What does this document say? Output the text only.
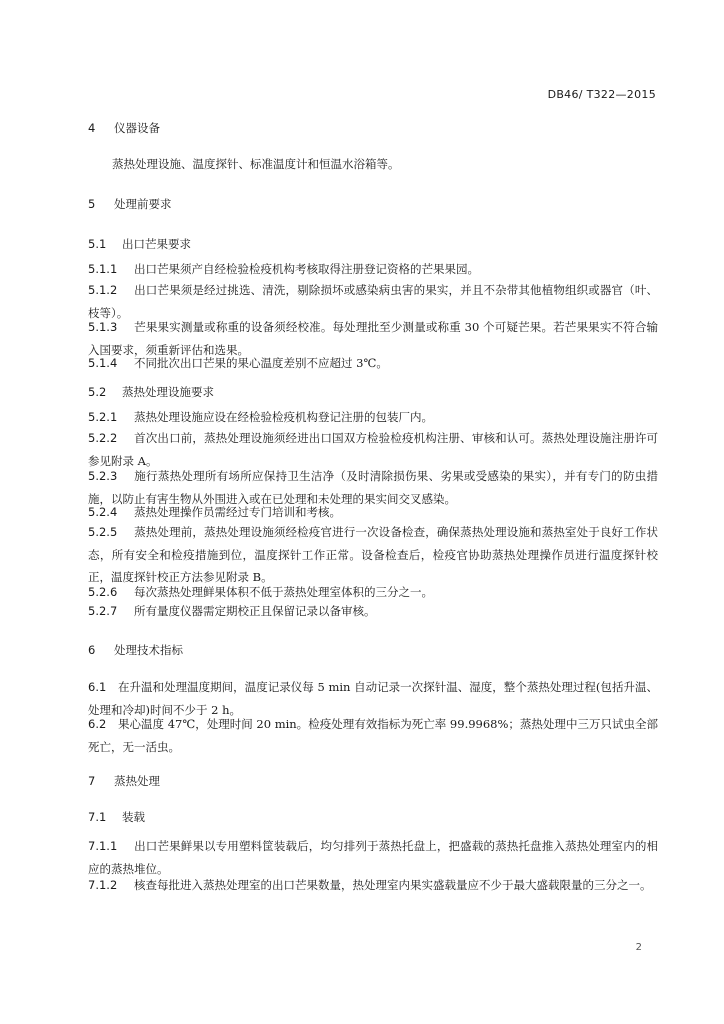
DB46/ T322—2015
4 仪器设备
蒸热处理设施、温度探针、标准温度计和恒温水浴箱等。
5 处理前要求
5.1 出口芒果要求
5.1.1 出口芒果须产自经检验检疫机构考核取得注册登记资格的芒果果园。
5.1.2 出口芒果须是经过挑选、清洗，剔除损坏或感染病虫害的果实，并且不杂带其他植物组织或器官（叶、枝等）。
5.1.3 芒果果实测量或称重的设备须经校准。每处理批至少测量或称重 30 个可疑芒果。若芒果果实不符合输入国要求，须重新评估和选果。
5.1.4 不同批次出口芒果的果心温度差别不应超过 3℃。
5.2 蒸热处理设施要求
5.2.1 蒸热处理设施应设在经检验检疫机构登记注册的包装厂内。
5.2.2 首次出口前，蒸热处理设施须经进出口国双方检验检疫机构注册、审核和认可。蒸热处理设施注册许可参见附录 A。
5.2.3 施行蒸热处理所有场所应保持卫生洁净（及时清除损伤果、劣果或受感染的果实），并有专门的防虫措施，以防止有害生物从外围进入或在已处理和未处理的果实间交叉感染。
5.2.4 蒸热处理操作员需经过专门培训和考核。
5.2.5 蒸热处理前，蒸热处理设施须经检疫官进行一次设备检查，确保蒸热处理设施和蒸热室处于良好工作状态，所有安全和检疫措施到位，温度探针工作正常。设备检查后，检疫官协助蒸热处理操作员进行温度探针校正，温度探针校正方法参见附录 B。
5.2.6 每次蒸热处理鲜果体积不低于蒸热处理室体积的三分之一。
5.2.7 所有量度仪器需定期校正且保留记录以备审核。
6 处理技术指标
6.1 在升温和处理温度期间，温度记录仪每 5 min 自动记录一次探针温、湿度，整个蒸热处理过程(包括升温、处理和冷却)时间不少于 2 h。
6.2 果心温度 47℃，处理时间 20 min。检疫处理有效指标为死亡率 99.9968%；蒸热处理中三万只试虫全部死亡，无一活虫。
7 蒸热处理
7.1 装载
7.1.1 出口芒果鲜果以专用塑料筐装载后，均匀排列于蒸热托盘上，把盛载的蒸热托盘推入蒸热处理室内的相应的蒸热堆位。
7.1.2 核查每批进入蒸热处理室的出口芒果数量，热处理室内果实盛载量应不少于最大盛载限量的三分之一。
2
